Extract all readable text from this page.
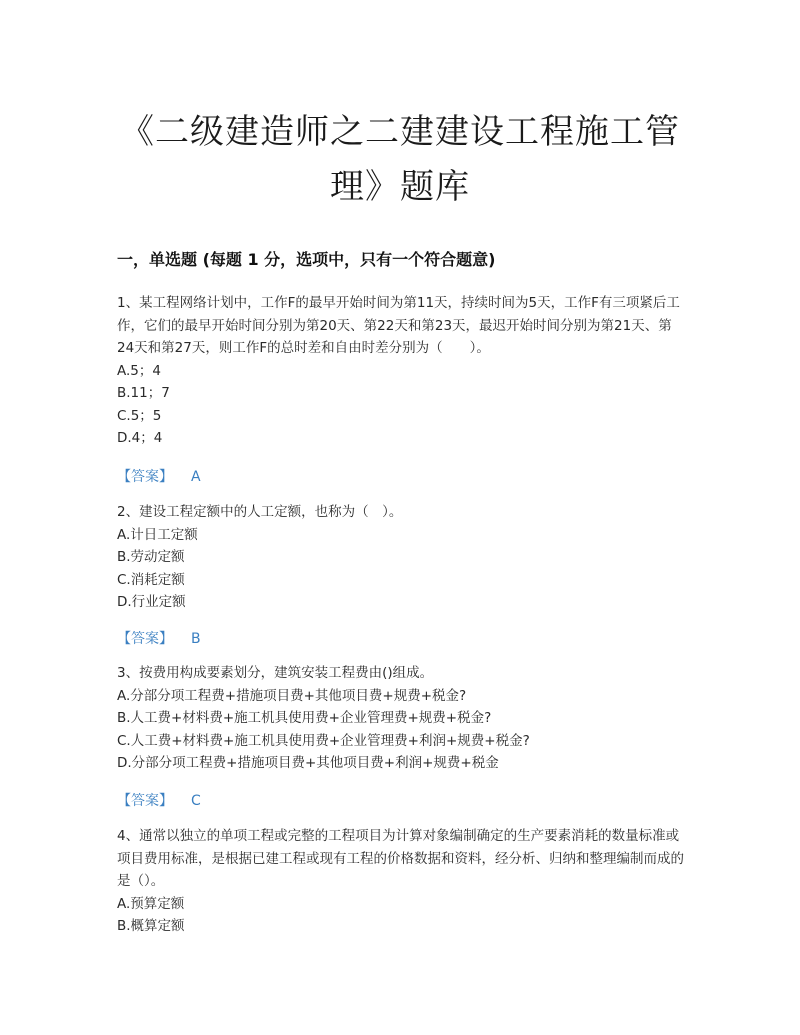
《二级建造师之二建建设工程施工管
理》题库
一，单选题 (每题 1 分，选项中，只有一个符合题意)

1、某工程网络计划中，工作F的最早开始时间为第11天，持续时间为5天，工作F有三项紧后工作，它们的最早开始时间分别为第20天、第22天和第23天，最迟开始时间分别为第21天、第24天和第27天，则工作F的总时差和自由时差分别为（　　）。

A.5；4

B.11；7

C.5；5

D.4；4

【答案】 A

2、建设工程定额中的人工定额，也称为（　）。

A.计日工定额

B.劳动定额

C.消耗定额

D.行业定额

【答案】 B

3、按费用构成要素划分，建筑安装工程费由()组成。

A.分部分项工程费+措施项目费+其他项目费+规费+税金?

B.人工费+材料费+施工机具使用费+企业管理费+规费+税金?

C.人工费+材料费+施工机具使用费+企业管理费+利润+规费+税金?

D.分部分项工程费+措施项目费+其他项目费+利润+规费+税金

【答案】 C

4、通常以独立的单项工程或完整的工程项目为计算对象编制确定的生产要素消耗的数量标准或项目费用标准，是根据已建工程或现有工程的价格数据和资料，经分析、归纳和整理编制而成的是（）。

A.预算定额

B.概算定额
